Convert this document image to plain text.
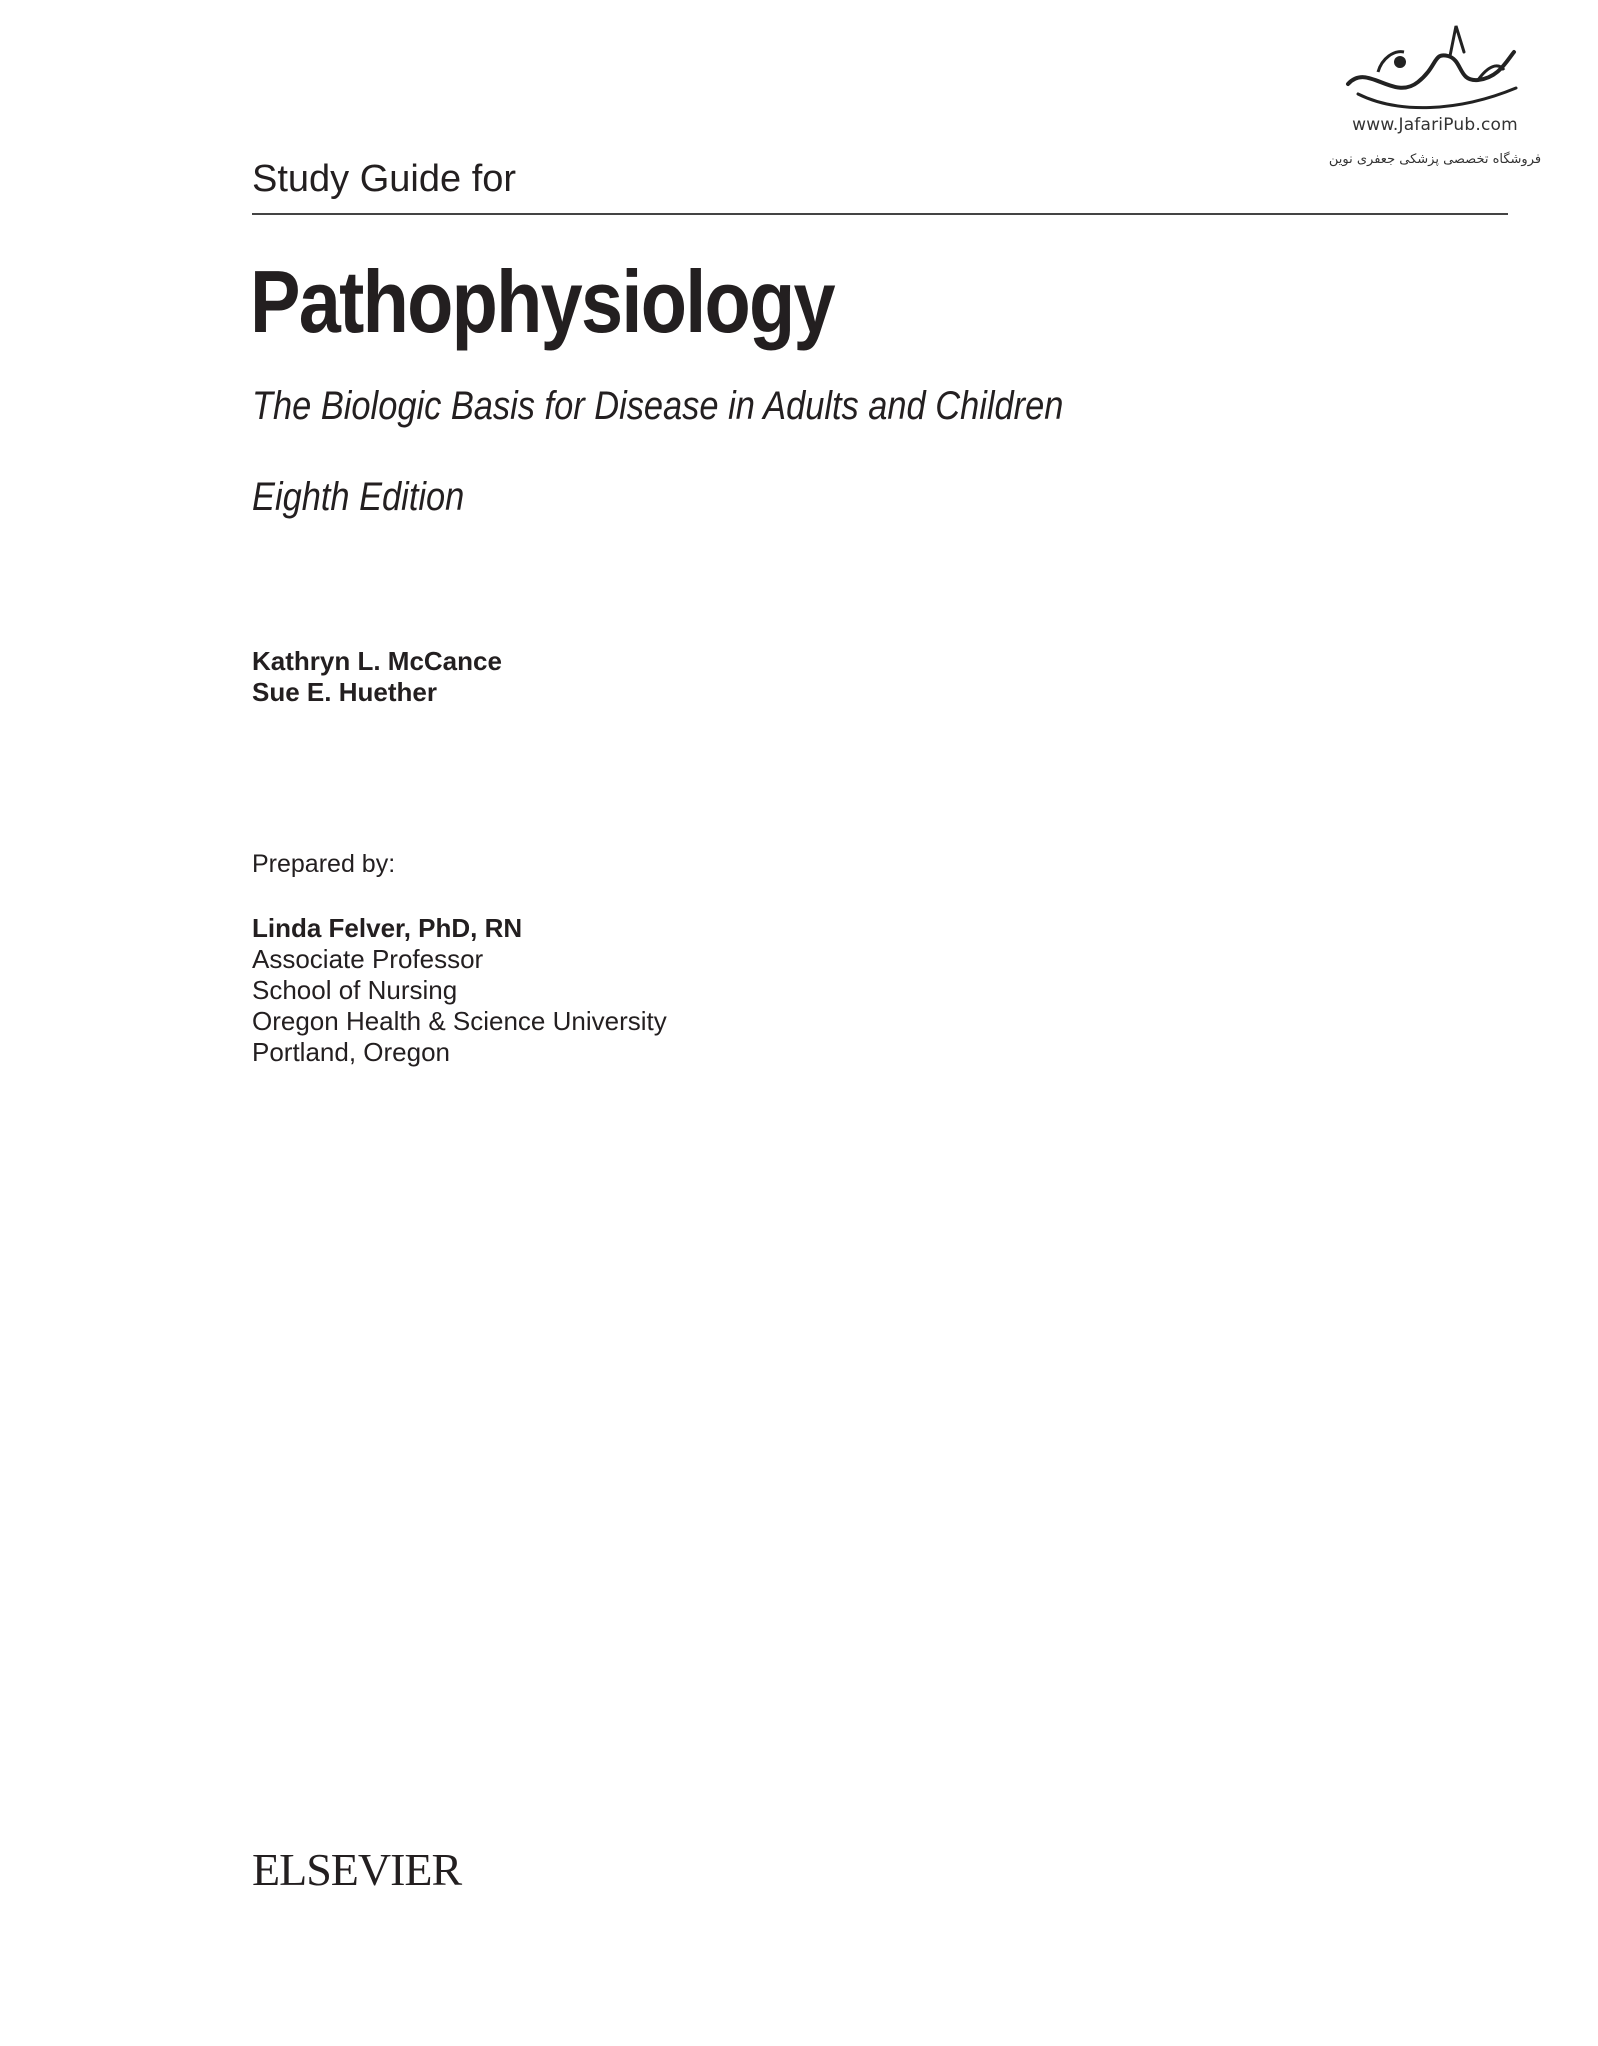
www.JafariPub.com
فروشگاه تخصصی پزشکی جعفری نوین
Study Guide for
Pathophysiology
The Biologic Basis for Disease in Adults and Children
Eighth Edition
Kathryn L. McCance
Sue E. Huether
Prepared by:
Linda Felver, PhD, RN
Associate Professor
School of Nursing
Oregon Health & Science University
Portland, Oregon
ELSEVIER
